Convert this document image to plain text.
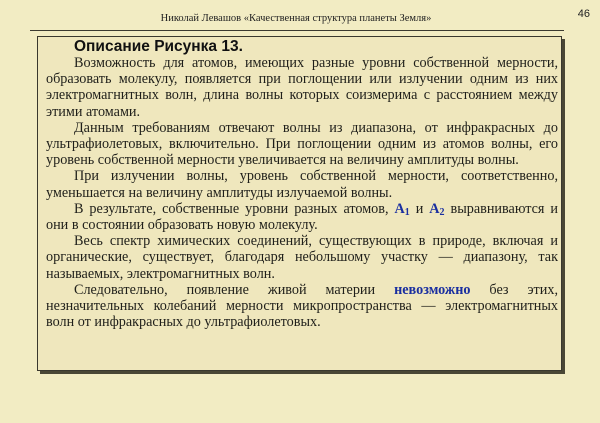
Николай Левашов «Качественная структура планеты Земля»	46
Описание Рисунка 13.

Возможность для атомов, имеющих разные уровни собственной мерности, образовать молекулу, появляется при поглощении или излучении одним из них электромагнитных волн, длина волны которых соизмерима с расстоянием между этими атомами.

Данным требованиям отвечают волны из диапазона, от инфракрасных до ультрафиолетовых, включительно. При поглощении одним из атомов волны, его уровень собственной мерности увеличивается на величину амплитуды волны.

При излучении волны, уровень собственной мерности, соответственно, уменьшается на величину амплитуды излучаемой волны.

В результате, собственные уровни разных атомов, $A_1$ и $A_2$ выравниваются и они в состоянии образовать новую молекулу.

Весь спектр химических соединений, существующих в природе, включая и органические, существует, благодаря небольшому участку — диапазону, так называемых, электромагнитных волн.

Следовательно, появление живой материи невозможно без этих, незначительных колебаний мерности микропространства — электромагнитных волн от инфракрасных до ультрафиолетовых.
